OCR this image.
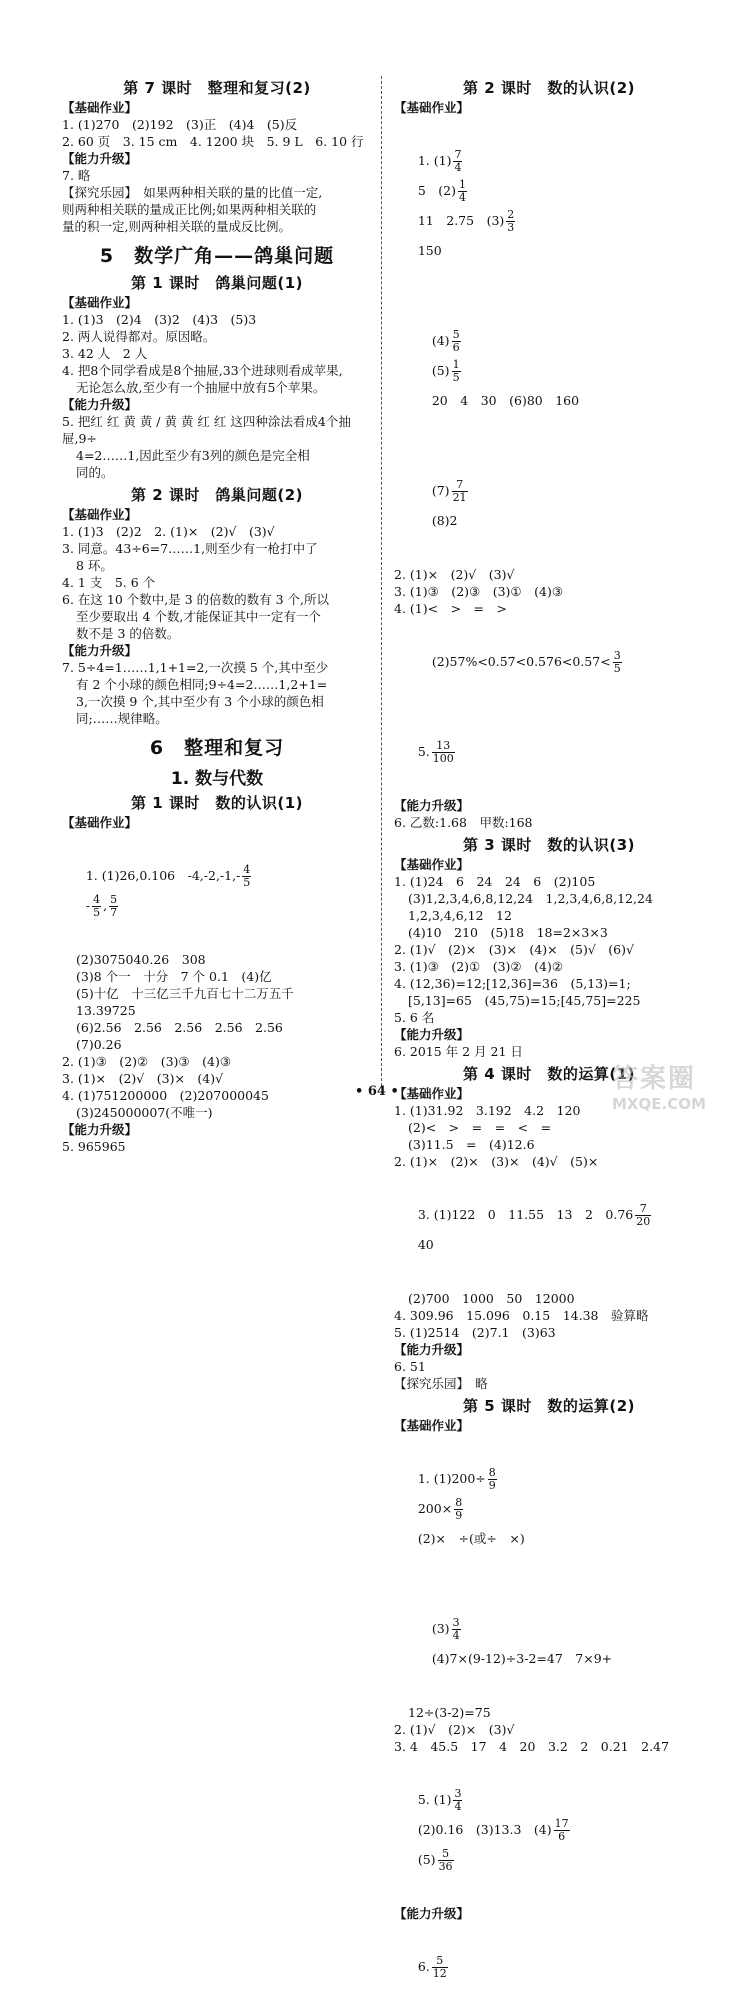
第 7 课时　整理和复习(2)
【基础作业】
1. (1)270　(2)192　(3)正　(4)4　(5)反
2. 60 页　3. 15 cm　4. 1200 块　5. 9 L　6. 10 行
【能力升级】
7. 略
【探究乐园】　如果两种相关联的量的比值一定,
则两种相关联的量成正比例;如果两种相关联的
量的积一定,则两种相关联的量成反比例。
5　数学广角——鸽巢问题
第 1 课时　鸽巢问题(1)
【基础作业】
1. (1)3　(2)4　(3)2　(4)3　(5)3
2. 两人说得都对。原因略。
3. 42 人　2 人
4. 把8个同学看成是8个抽屉,33个进球则看成苹果,
无论怎么放,至少有一个抽屉中放有5个苹果。
【能力升级】
5. 把红 红 黄 黄 / 黄 黄 红 红 这四种涂法看成4个抽屉,9÷
4=2……1,因此至少有3列的颜色是完全相
同的。
第 2 课时　鸽巢问题(2)
【基础作业】
1. (1)3　(2)2　2. (1)×　(2)√　(3)√
3. 同意。43÷6=7……1,则至少有一枪打中了
8 环。
4. 1 支　5. 6 个
6. 在这 10 个数中,是 3 的倍数的数有 3 个,所以
至少要取出 4 个数,才能保证其中一定有一个
数不是 3 的倍数。
【能力升级】
7. 5÷4=1……1,1+1=2,一次摸 5 个,其中至少
有 2 个小球的颜色相同;9÷4=2……1,2+1=
3,一次摸 9 个,其中至少有 3 个小球的颜色相
同;……规律略。
6　整理和复习
1. 数与代数
第 1 课时　数的认识(1)
【基础作业】

1. (1)26,0.106　$-4,-2,-1,- \frac{4}{5}$

- $\frac{4}{5}$ , $\frac{5}{7}$

(2)3075040.26　308
(3)8 个一　十分　7 个 0.1　(4)亿
(5)十亿　十三亿三千九百七十二万五千
13.39725
(6)2.56　2.56̇　2.5̇6̇　2.56̇　2.5̇6
(7)0.26
2. (1)③　(2)②　(3)③　(4)③
3. (1)×　(2)√　(3)×　(4)√
4. (1)751200000　(2)207000045
(3)245000007(不唯一)
【能力升级】
5. 965965
第 2 课时　数的认识(2)
【基础作业】

1. $(1) \frac{7}{4}$

5　$(2) \frac{1}{4}$

11　2.75　$(3) \frac{2}{3}$

150

$(4) \frac{5}{6}$

$(5) \frac{1}{5}$

20　4　30　(6)80　160

$(7) \frac{7}{21}$

(8)2

2. (1)×　(2)√　(3)√
3. (1)③　(2)③　(3)①　(4)③
4. (1)<　>　=　>

(2)57%<0.5̇7̇<0.576<0.57̇< $\frac{3}{5}$

5. $\frac{13}{100}$

【能力升级】
6. 乙数:1.68　甲数:168
第 3 课时　数的认识(3)
【基础作业】
1. (1)24　6　24　24　6　(2)105
(3)1,2,3,4,6,8,12,24　1,2,3,4,6,8,12,24
1,2,3,4,6,12　12
(4)10　210　(5)18　18=2×3×3
2. (1)√　(2)×　(3)×　(4)×　(5)√　(6)√
3. (1)③　(2)①　(3)②　(4)②
4. (12,36)=12;[12,36]=36　(5,13)=1;
[5,13]=65　(45,75)=15;[45,75]=225
5. 6 名
【能力升级】
6. 2015 年 2 月 21 日
第 4 课时　数的运算(1)
【基础作业】
1. (1)31.92　3.192　4.2　120
(2)<　>　=　=　<　=
(3)11.5　=　(4)12.6
2. (1)×　(2)×　(3)×　(4)√　(5)×

3. (1)122　0　11.55　13　2　$0.76 \frac{7}{20}$

40

(2)700　1000　50　12000
4. 309.96　15.096　0.15　14.38　验算略
5. (1)2514　(2)7.1　(3)63
【能力升级】
6. 51
【探究乐园】　略
第 5 课时　数的运算(2)
【基础作业】

1. $(1)200\div \frac{8}{9}$

$200\times \frac{8}{9}$

(2)×　÷(或÷　×)

$(3) \frac{3}{4}$

(4)7×(9-12)÷3-2=47　7×9+

12÷(3-2)=75
2. (1)√　(2)×　(3)√
3. 4　45.5　17　4　20　3.2　2　0.21　2.47

5. $(1) \frac{3}{4}$

(2)0.16　(3)13.3　$(4) \frac{17}{6}$

$(5) \frac{5}{36}$

【能力升级】

6. $\frac{5}{12}$

• 64 •	答案圈
MXQE.COM
